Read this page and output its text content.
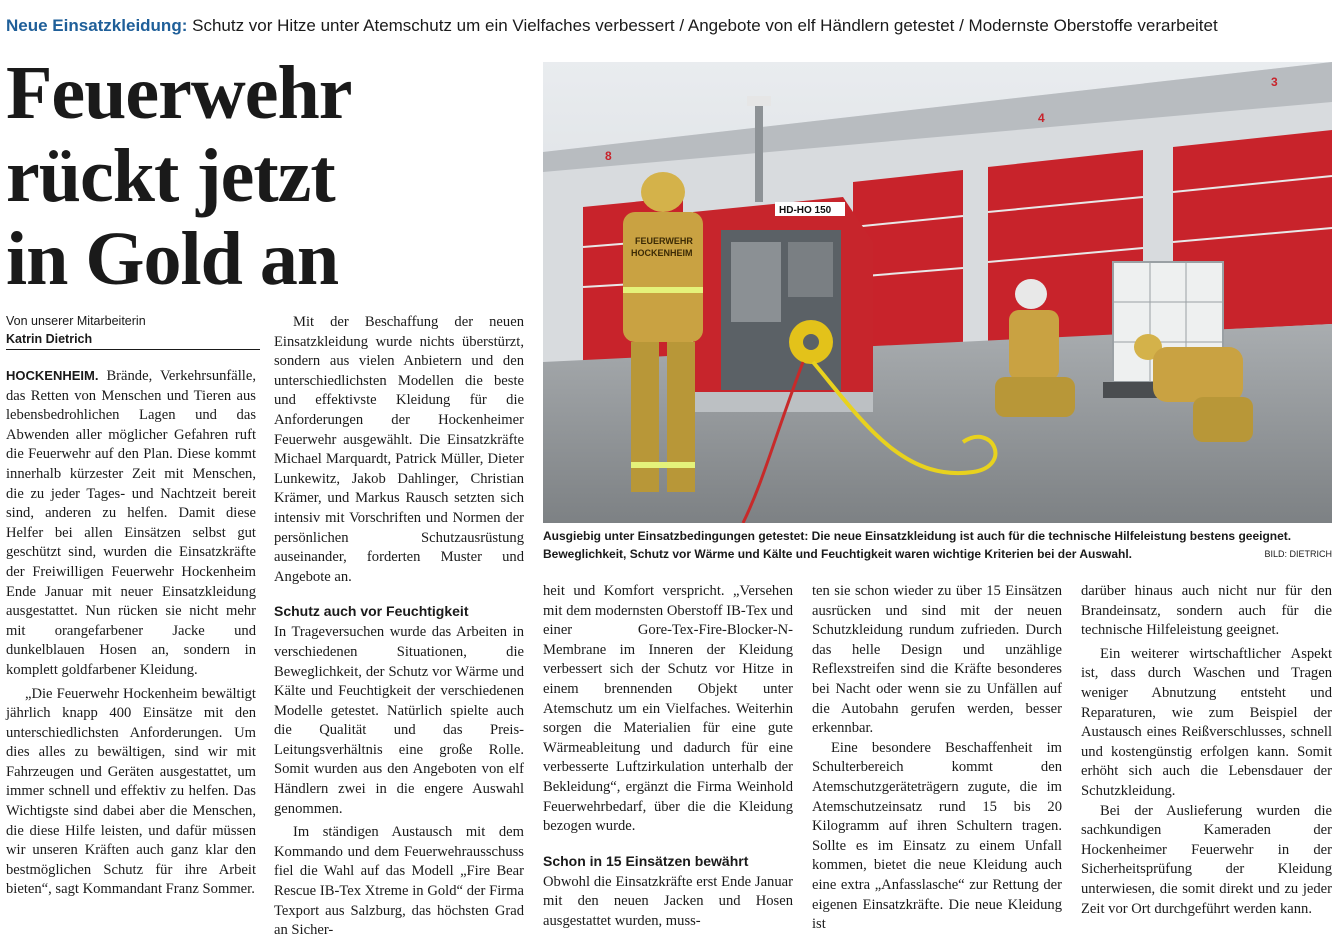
Neue Einsatzkleidung: Schutz vor Hitze unter Atemschutz um ein Vielfaches verbessert / Angebote von elf Händlern getestet / Modernste Oberstoffe verarbeitet
Feuerwehr
rückt jetzt
in Gold an
Von unserer Mitarbeiterin
Katrin Dietrich

HOCKENHEIM. Brände, Verkehrsunfälle, das Retten von Menschen und Tieren aus lebensbedrohlichen Lagen und das Abwenden aller möglicher Gefahren ruft die Feuerwehr auf den Plan. Diese kommt innerhalb kürzester Zeit mit Menschen, die zu jeder Tages- und Nachtzeit bereit sind, anderen zu helfen. Damit diese Helfer bei allen Einsätzen selbst gut geschützt sind, wurden die Einsatzkräfte der Freiwilligen Feuerwehr Hockenheim Ende Januar mit neuer Einsatzkleidung ausgestattet. Nun rücken sie nicht mehr mit orangefarbener Jacke und dunkelblauen Hosen an, sondern in komplett goldfarbener Kleidung.

„Die Feuerwehr Hockenheim bewältigt jährlich knapp 400 Einsätze mit den unterschiedlichsten Anforderungen. Um dies alles zu bewältigen, sind wir mit Fahrzeugen und Geräten ausgestattet, um immer schnell und effektiv zu helfen. Das Wichtigste sind dabei aber die Menschen, die diese Hilfe leisten, und dafür müssen wir unseren Kräften auch ganz klar den bestmöglichen Schutz für ihre Arbeit bieten“, sagt Kommandant Franz Sommer.

Mit der Beschaffung der neuen Einsatzkleidung wurde nichts überstürzt, sondern aus vielen Anbietern und den unterschiedlichsten Modellen die beste und effektivste Kleidung für die Anforderungen der Hockenheimer Feuerwehr ausgewählt. Die Einsatzkräfte Michael Marquardt, Patrick Müller, Dieter Lunkewitz, Jakob Dahlinger, Christian Krämer, und Markus Rausch setzten sich intensiv mit Vorschriften und Normen der persönlichen Schutzausrüstung auseinander, forderten Muster und Angebote an.

Schutz auch vor Feuchtigkeit

In Trageversuchen wurde das Arbeiten in verschiedenen Situationen, die Beweglichkeit, der Schutz vor Wärme und Kälte und Feuchtigkeit der verschiedenen Modelle getestet. Natürlich spielte auch die Qualität und das Preis-Leitungsverhältnis eine große Rolle. Somit wurden aus den Angeboten von elf Händlern zwei in die engere Auswahl genommen.

Im ständigen Austausch mit dem Kommando und dem Feuerwehrausschuss fiel die Wahl auf das Modell „Fire Bear Rescue IB-Tex Xtreme in Gold“ der Firma Texport aus Salzburg, das höchsten Grad an Sicher-

8
4
3
HD-HO 150
FEUERWEHR
HOCKENHEIM
Ausgiebig unter Einsatzbedingungen getestet: Die neue Einsatzkleidung ist auch für die technische Hilfeleistung bestens geeignet. Beweglichkeit, Schutz vor Wärme und Kälte und Feuchtigkeit waren wichtige Kriterien bei der Auswahl.	BILD: DIETRICH

heit und Komfort verspricht. „Versehen mit dem modernsten Oberstoff IB-Tex und einer Gore-Tex-Fire-Blocker-N-Membrane im Inneren der Kleidung verbessert sich der Schutz vor Hitze in einem brennenden Objekt unter Atemschutz um ein Vielfaches. Weiterhin sorgen die Materialien für eine gute Wärmeableitung und dadurch für eine verbesserte Luftzirkulation unterhalb der Bekleidung“, ergänzt die Firma Weinhold Feuerwehrbedarf, über die die Kleidung bezogen wurde.

Schon in 15 Einsätzen bewährt

Obwohl die Einsatzkräfte erst Ende Januar mit den neuen Jacken und Hosen ausgestattet wurden, muss-

ten sie schon wieder zu über 15 Einsätzen ausrücken und sind mit der neuen Schutzkleidung rundum zufrieden. Durch das helle Design und unzählige Reflexstreifen sind die Kräfte besonderes bei Nacht oder wenn sie zu Unfällen auf die Autobahn gerufen werden, besser erkennbar.

Eine besondere Beschaffenheit im Schulterbereich kommt den Atemschutzgeräteträgern zugute, die im Atemschutzeinsatz rund 15 bis 20 Kilogramm auf ihren Schultern tragen. Sollte es im Einsatz zu einem Unfall kommen, bietet die neue Kleidung auch eine extra „Anfasslasche“ zur Rettung der eigenen Einsatzkräfte. Die neue Kleidung ist

darüber hinaus auch nicht nur für den Brandeinsatz, sondern auch für die technische Hilfeleistung geeignet.

Ein weiterer wirtschaftlicher Aspekt ist, dass durch Waschen und Tragen weniger Abnutzung entsteht und Reparaturen, wie zum Beispiel der Austausch eines Reißverschlusses, schnell und kostengünstig erfolgen kann. Somit erhöht sich auch die Lebensdauer der Schutzkleidung.

Bei der Auslieferung wurden die sachkundigen Kameraden der Hockenheimer Feuerwehr in der Sicherheitsprüfung der Kleidung unterwiesen, die somit direkt und zu jeder Zeit vor Ort durchgeführt werden kann.
